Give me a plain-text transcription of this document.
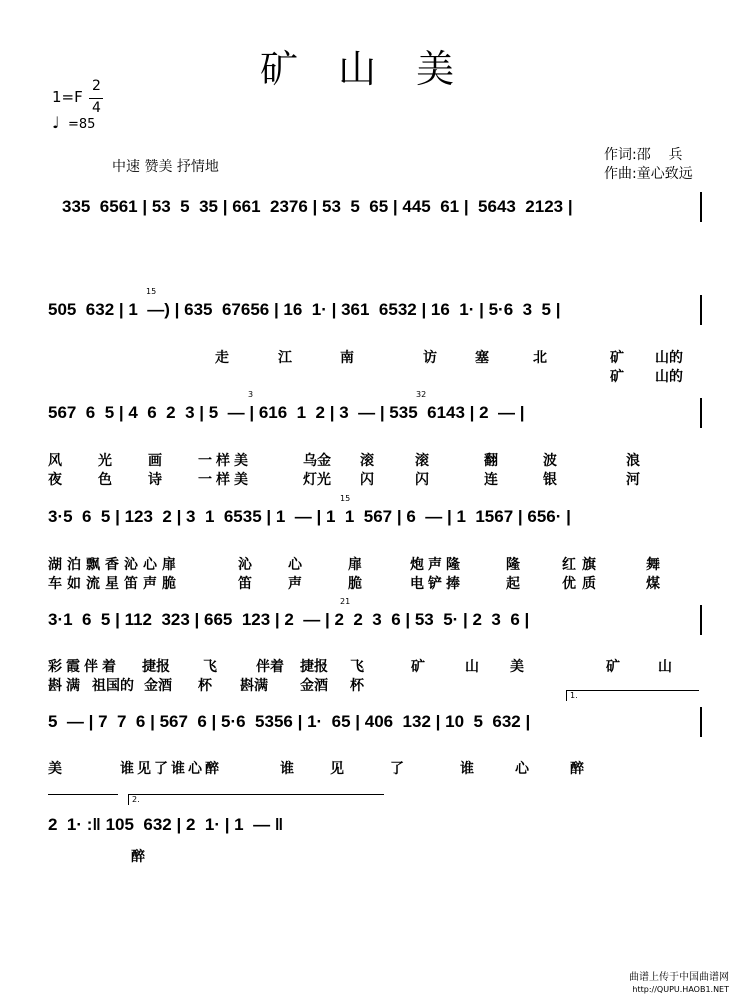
矿 山 美
1=F
2
4
♩ =85
中速 赞美 抒情地
作词:邵    兵
作曲:童心致远
335  6561 | 53  5  35 | 661  2376 | 53  5  65 | 445  61 |  5643  2123 |
15
505  632 | 1  —) | 635  67656 | 16  1· | 361  6532 | 16  1· | 5·6  3  5 |

走	江	南	访	塞	北	矿 山的

矿 山的
3	32
567  6  5 | 4  6  2  3 | 5  — | 616  1  2 | 3  — | 535  6143 | 2  — |

风	光	画	一样美	乌金 滚	滚	翻	波	浪

夜	色	诗	一样美	灯光 闪	闪	连	银	河
15
3·5  6  5 | 123  2 | 3  1  6535 | 1  — | 1  1  567 | 6  — | 1  1567 | 656· |

湖泊飘香沁心扉	沁	心	扉	炮声隆	隆	红旗	舞

车如流星笛声脆	笛	声	脆	电铲捧	起	优质	煤
21
3·1  6  5 | 112  323 | 665  123 | 2  — | 2  2  3  6 | 53  5· | 2  3  6 |

彩霞伴着 捷报 飞	伴着 捷报 飞	矿	山 美	矿	山

斟满 祖国的 金酒 杯 斟满 金酒 杯
1.
5  — | 7  7  6 | 567  6 | 5·6  5356 | 1·  65 | 406  132 | 10  5  632 |

美	谁见了谁心醉	谁	见	了	谁	心	醉
2.
2  1· :‖ 105  632 | 2  1· | 1  — ‖
醉
曲谱上传于中国曲谱网
http://QUPU.HAOB1.NET
